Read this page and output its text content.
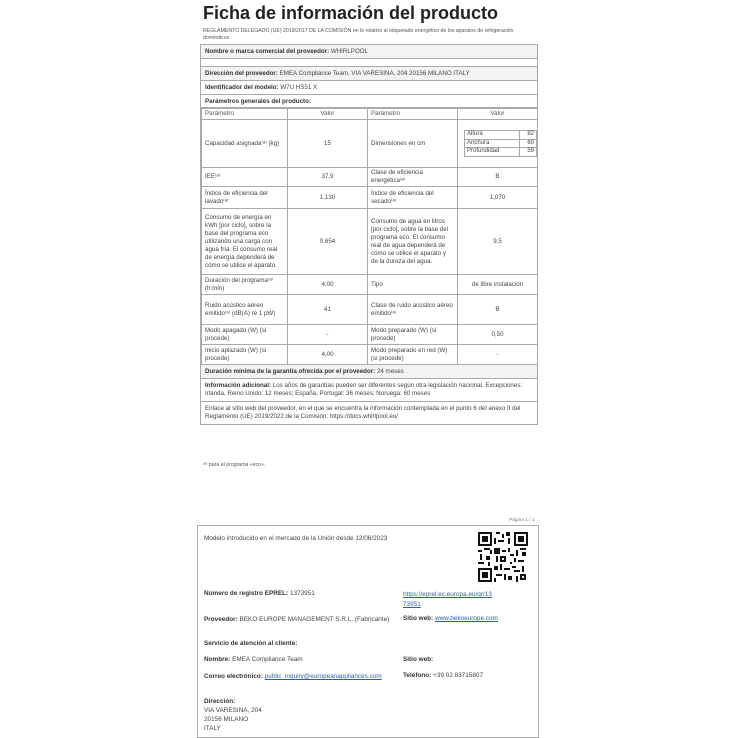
Ficha de información del producto
REGLAMENTO DELEGADO (UE) 2019/2017 DE LA COMISIÓN en lo relativo al etiquetado energético de los aparatos de refrigeración domésticos
Nombre o marca comercial del proveedor: WHIRLPOOL
Dirección del proveedor: EMEA Compliance Team, VIA VARESINA, 204 20156 MILANO ITALY
Identificador del modelo: W7U HS51 X
Parámetros generales del producto:
Parámetro	Valor	Parámetro	Valor
Capacidad asignada⁽ᵃ⁾ (kg)	15	Dimensiones en cm	
Altura	82
Anchura	60
Profundidad	59

IEE⁽ᵃ⁾	37,9	Clase de eficiencia energética⁽ᵃ⁾	B
Índice de eficiencia del lavado⁽ᵃ⁾	1,130	Índice de eficiencia del secado⁽ᵃ⁾	1,070
Consumo de energía en kWh [por ciclo], sobre la base del programa eco utilizando una carga con agua fría. El consumo real de energía dependerá de cómo se utilice el aparato.	0,654	Consumo de agua en litros [por ciclo], sobre la base del programa eco. El consumo real de agua dependerá de cómo se utilice el aparato y de la dureza del agua.	9,5
Duración del programa⁽ᵃ⁾ (h:min)	4:00	Tipo	de libre instalación
Ruido acústico aéreo emitido⁽ᵃ⁾ (dB(A) re 1 pW)	41	Clase de ruido acústico aéreo emitido⁽ᵃ⁾	B
Modo apagado (W) (si procede)	-	Modo preparado (W) (si procede)	0,50
Inicio aplazado (W) (si procede)	4,00	Modo preparado en red (W) (si procede)	-
Duración mínima de la garantía ofrecida por el proveedor: 24 meses
Información adicional: Los años de garantías pueden ser diferentes según otra legislación nacional. Excepciones: Irlanda, Reino Unido: 12 meses; España, Portugal: 36 meses; Noruega: 60 meses
Enlace al sitio web del proveedor, en el que se encuentra la información contemplada en el punto 6 del anexo II del Reglamento (UE) 2019/2022 de la Comisión: https://docs.whirlpool.eu/
⁽ᵃ⁾ para el programa «eco».
Página 1 / 1
Modelo introducido en el mercado de la Unión desde 12/06/2023
Número de registro EPREL: 1373951	https://eprel.ec.europa.eu/qr/13
73951
Proveedor: BEKO EUROPE MANAGEMENT S.R.L. (Fabricante)	Sitio web: www.bekoeurope.com
Servicio de atención al cliente:
Nombre: EMEA Compliance Team	Sitio web:
Correo electrónico: public_inquiry@europeanappliances.com	Teléfono: +39 02 83715807
Dirección:
VIA VARESINA, 204
20156 MILANO
ITALY
